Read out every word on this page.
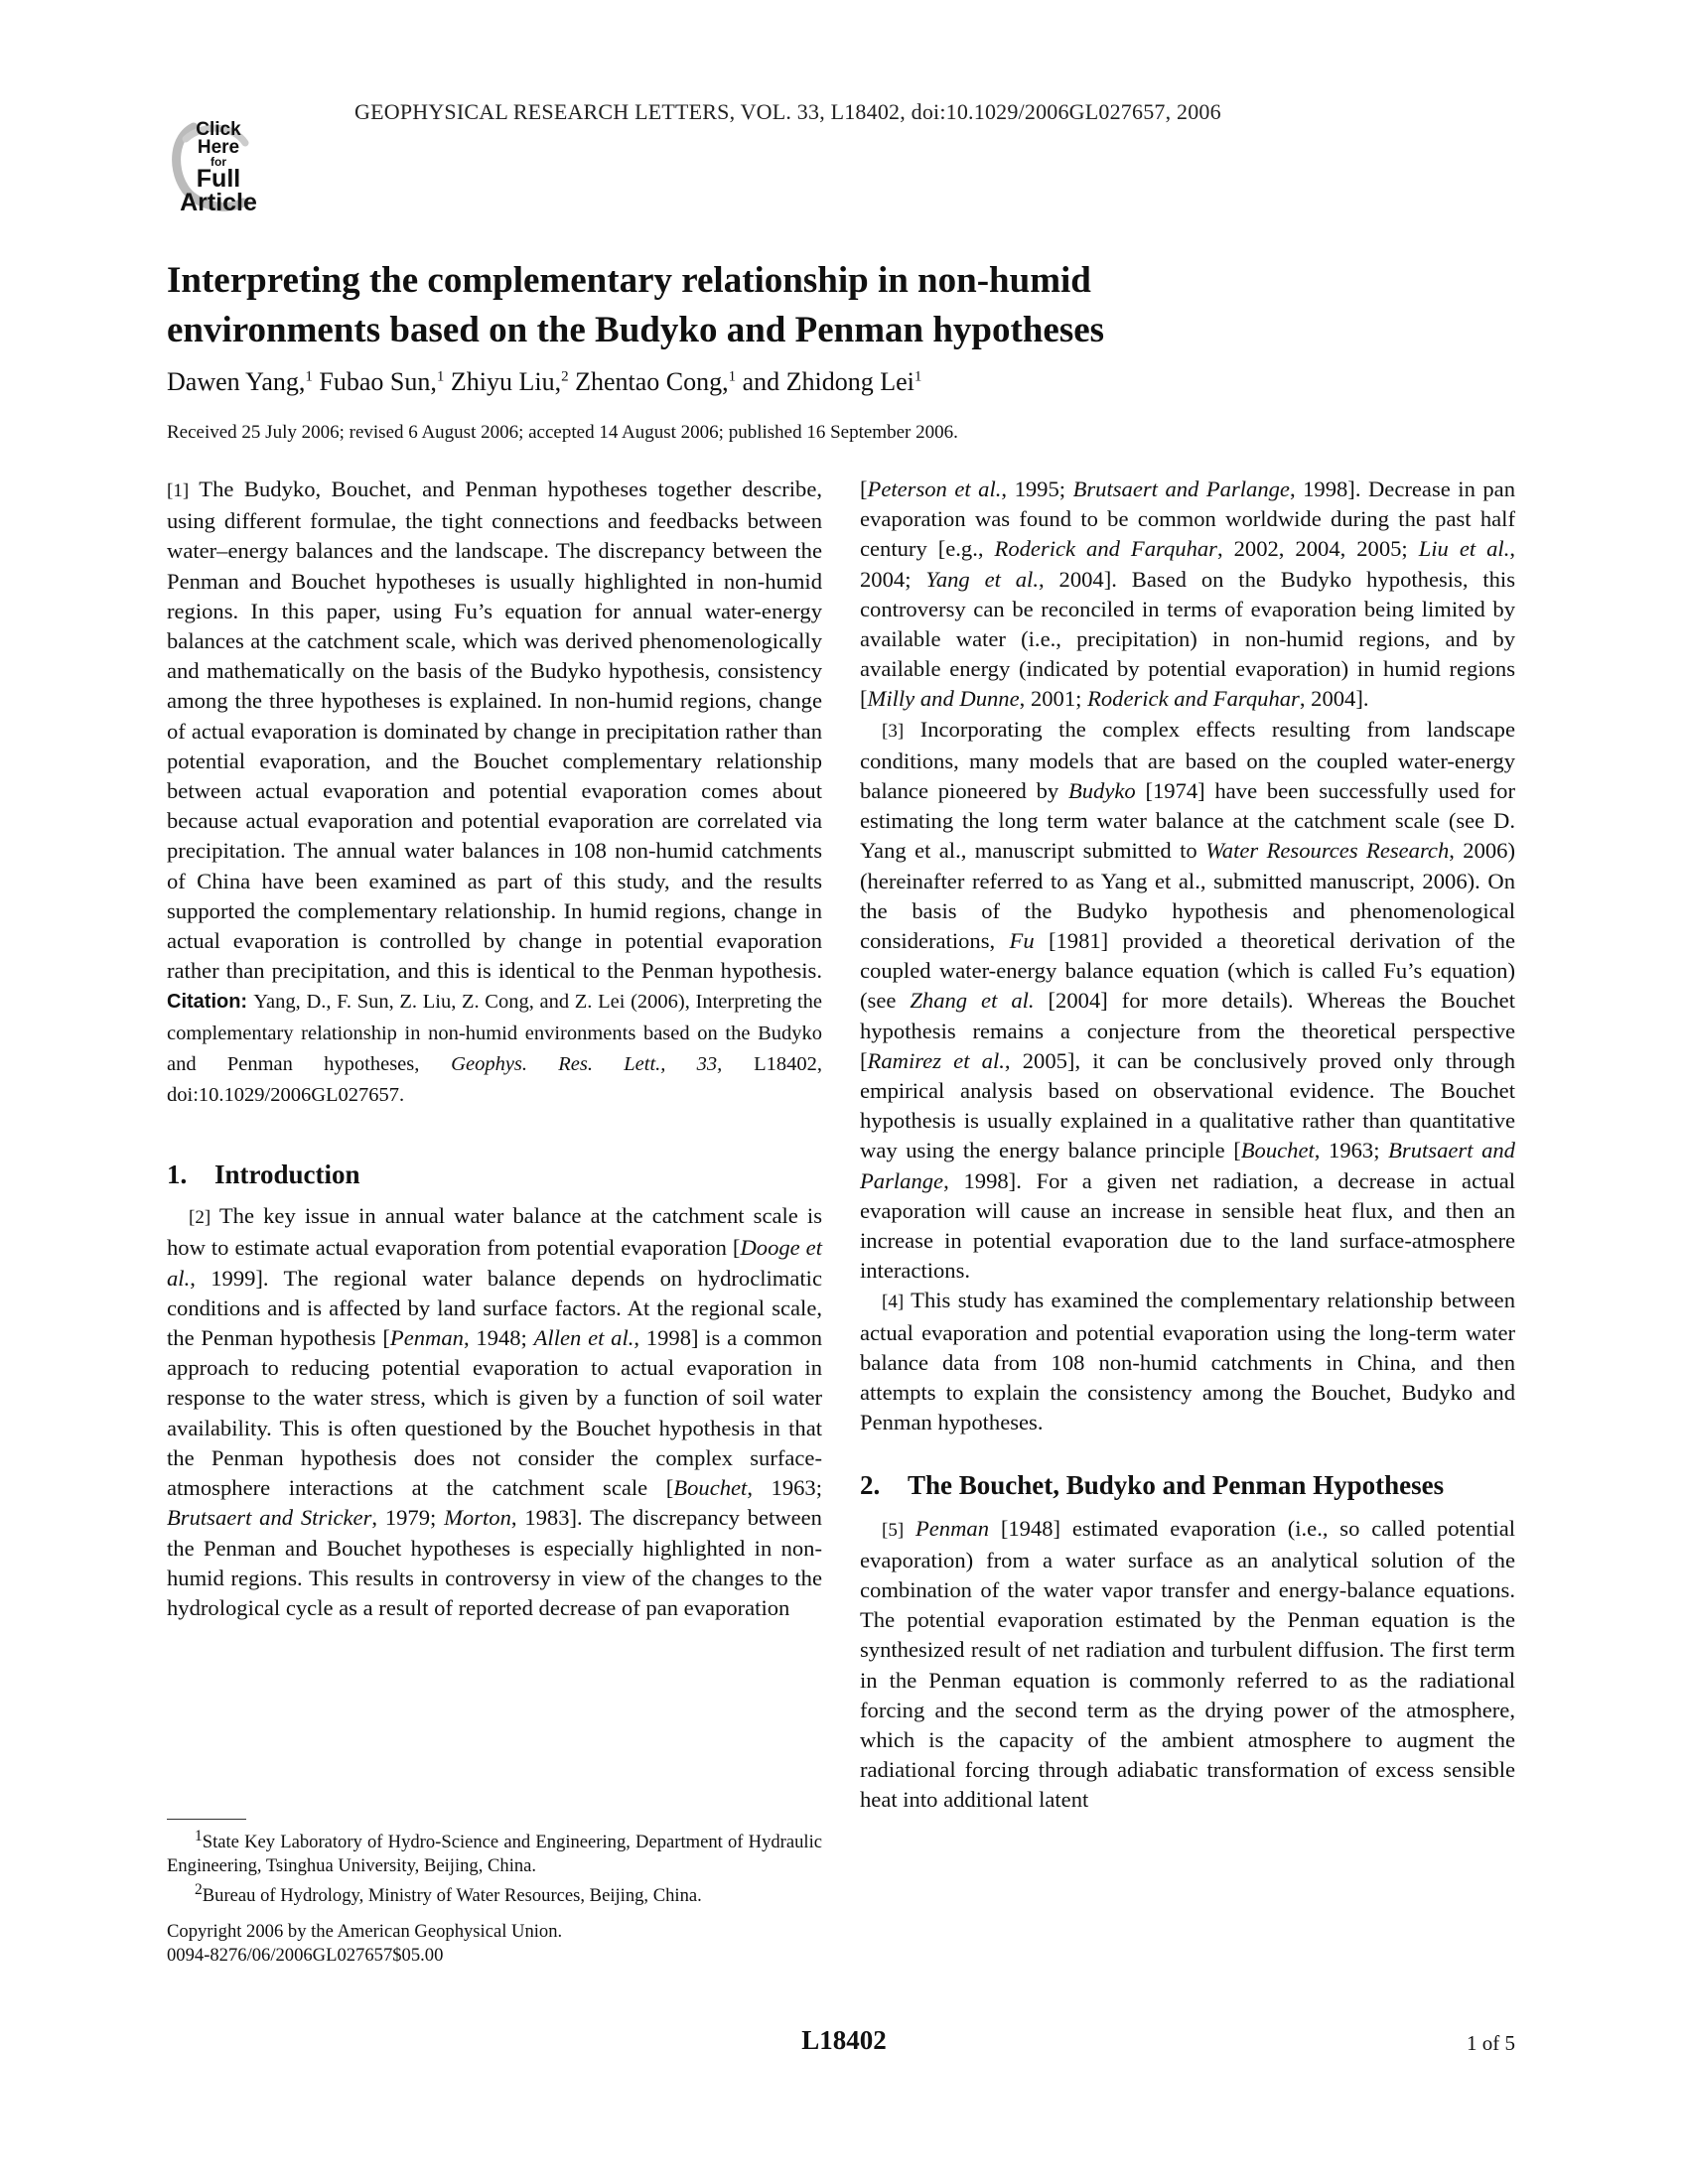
GEOPHYSICAL RESEARCH LETTERS, VOL. 33, L18402, doi:10.1029/2006GL027657, 2006
Click
Here
for
Full
Article
Interpreting the complementary relationship in non-humid
environments based on the Budyko and Penman hypotheses
Dawen Yang,$^1$ Fubao Sun,$^1$ Zhiyu Liu,$^2$ Zhentao Cong,$^1$ and Zhidong Lei$^1$
Received 25 July 2006; revised 6 August 2006; accepted 14 August 2006; published 16 September 2006.

[1] The Budyko, Bouchet, and Penman hypotheses together describe, using different formulae, the tight connections and feedbacks between water–energy balances and the landscape. The discrepancy between the Penman and Bouchet hypotheses is usually highlighted in non-humid regions. In this paper, using Fu’s equation for annual water-energy balances at the catchment scale, which was derived phenomenologically and mathematically on the basis of the Budyko hypothesis, consistency among the three hypotheses is explained. In non-humid regions, change of actual evaporation is dominated by change in precipitation rather than potential evaporation, and the Bouchet complementary relationship between actual evaporation and potential evaporation comes about because actual evaporation and potential evaporation are correlated via precipitation. The annual water balances in 108 non-humid catchments of China have been examined as part of this study, and the results supported the complementary relationship. In humid regions, change in actual evaporation is controlled by change in potential evaporation rather than precipitation, and this is identical to the Penman hypothesis. Citation: Yang, D., F. Sun, Z. Liu, Z. Cong, and Z. Lei (2006), Interpreting the complementary relationship in non-humid environments based on the Budyko and Penman hypotheses, Geophys. Res. Lett., 33, L18402, doi:10.1029/2006GL027657.

1. Introduction

[2] The key issue in annual water balance at the catchment scale is how to estimate actual evaporation from potential evaporation [Dooge et al., 1999]. The regional water balance depends on hydroclimatic conditions and is affected by land surface factors. At the regional scale, the Penman hypothesis [Penman, 1948; Allen et al., 1998] is a common approach to reducing potential evaporation to actual evaporation in response to the water stress, which is given by a function of soil water availability. This is often questioned by the Bouchet hypothesis in that the Penman hypothesis does not consider the complex surface-atmosphere interactions at the catchment scale [Bouchet, 1963; Brutsaert and Stricker, 1979; Morton, 1983]. The discrepancy between the Penman and Bouchet hypotheses is especially highlighted in non-humid regions. This results in controversy in view of the changes to the hydrological cycle as a result of reported decrease of pan evaporation

$^1$State Key Laboratory of Hydro-Science and Engineering, Department of Hydraulic Engineering, Tsinghua University, Beijing, China.
$^2$Bureau of Hydrology, Ministry of Water Resources, Beijing, China.
Copyright 2006 by the American Geophysical Union.
0094-8276/06/2006GL027657$05.00

[Peterson et al., 1995; Brutsaert and Parlange, 1998]. Decrease in pan evaporation was found to be common worldwide during the past half century [e.g., Roderick and Farquhar, 2002, 2004, 2005; Liu et al., 2004; Yang et al., 2004]. Based on the Budyko hypothesis, this controversy can be reconciled in terms of evaporation being limited by available water (i.e., precipitation) in non-humid regions, and by available energy (indicated by potential evaporation) in humid regions [Milly and Dunne, 2001; Roderick and Farquhar, 2004].

[3] Incorporating the complex effects resulting from landscape conditions, many models that are based on the coupled water-energy balance pioneered by Budyko [1974] have been successfully used for estimating the long term water balance at the catchment scale (see D. Yang et al., manuscript submitted to Water Resources Research, 2006) (hereinafter referred to as Yang et al., submitted manuscript, 2006). On the basis of the Budyko hypothesis and phenomenological considerations, Fu [1981] provided a theoretical derivation of the coupled water-energy balance equation (which is called Fu’s equation) (see Zhang et al. [2004] for more details). Whereas the Bouchet hypothesis remains a conjecture from the theoretical perspective [Ramirez et al., 2005], it can be conclusively proved only through empirical analysis based on observational evidence. The Bouchet hypothesis is usually explained in a qualitative rather than quantitative way using the energy balance principle [Bouchet, 1963; Brutsaert and Parlange, 1998]. For a given net radiation, a decrease in actual evaporation will cause an increase in sensible heat flux, and then an increase in potential evaporation due to the land surface-atmosphere interactions.

[4] This study has examined the complementary relationship between actual evaporation and potential evaporation using the long-term water balance data from 108 non-humid catchments in China, and then attempts to explain the consistency among the Bouchet, Budyko and Penman hypotheses.

2. The Bouchet, Budyko and Penman Hypotheses

[5] Penman [1948] estimated evaporation (i.e., so called potential evaporation) from a water surface as an analytical solution of the combination of the water vapor transfer and energy-balance equations. The potential evaporation estimated by the Penman equation is the synthesized result of net radiation and turbulent diffusion. The first term in the Penman equation is commonly referred to as the radiational forcing and the second term as the drying power of the atmosphere, which is the capacity of the ambient atmosphere to augment the radiational forcing through adiabatic transformation of excess sensible heat into additional latent

L18402	1 of 5
